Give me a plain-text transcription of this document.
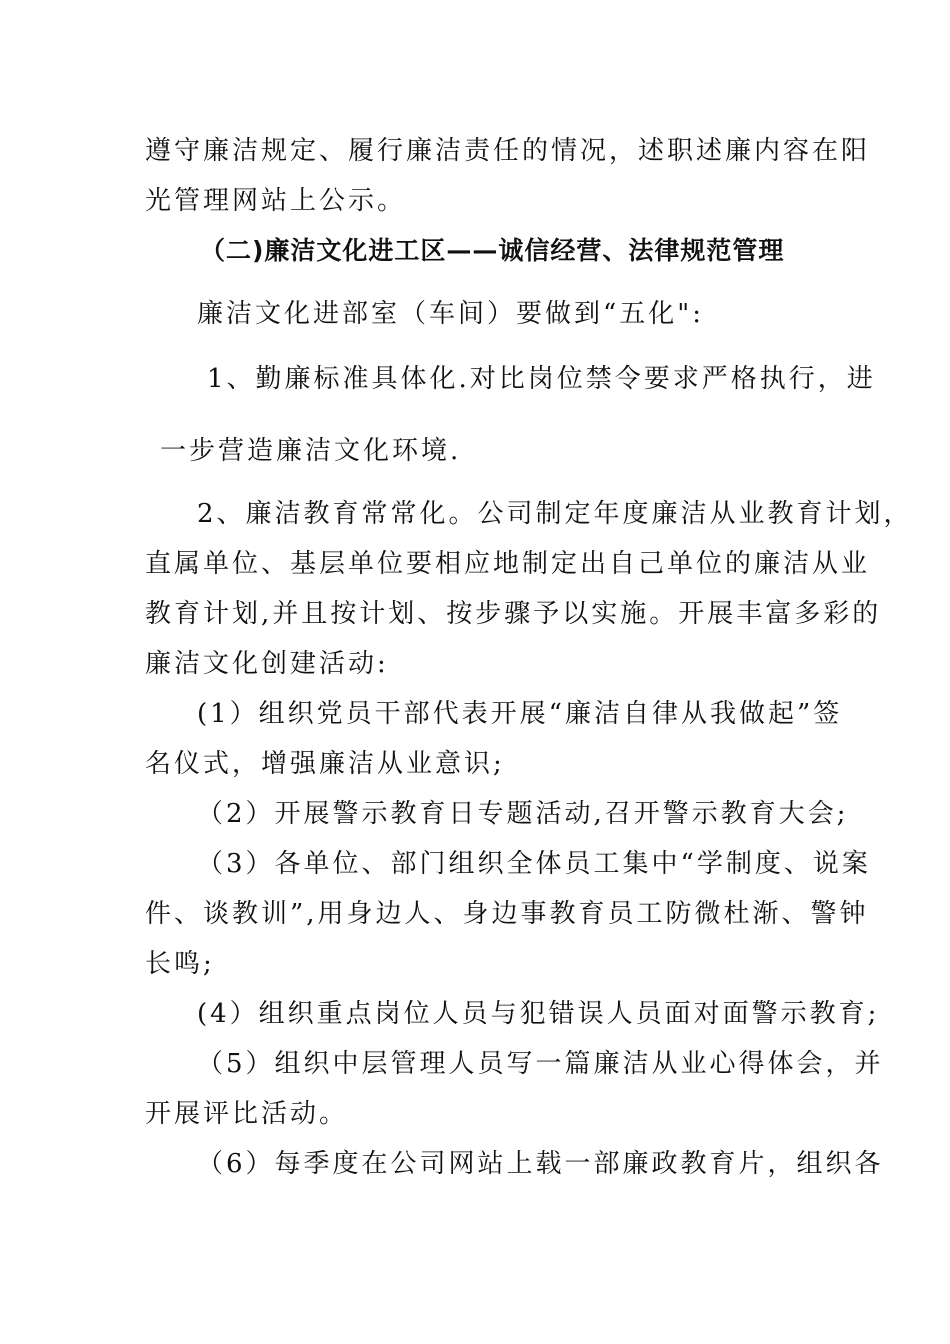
遵守廉洁规定、履行廉洁责任的情况，述职述廉内容在阳
光管理网站上公示。
（二)廉洁文化进工区——诚信经营、法律规范管理
廉洁文化进部室（车间）要做到“五化":
1、勤廉标准具体化.对比岗位禁令要求严格执行，进
一步营造廉洁文化环境.
2、廉洁教育常常化。公司制定年度廉洁从业教育计划，
直属单位、基层单位要相应地制定出自己单位的廉洁从业
教育计划,并且按计划、按步骤予以实施。开展丰富多彩的
廉洁文化创建活动:
(1）组织党员干部代表开展“廉洁自律从我做起”签
名仪式，增强廉洁从业意识;
（2）开展警示教育日专题活动,召开警示教育大会;
（3）各单位、部门组织全体员工集中“学制度、说案
件、谈教训”,用身边人、身边事教育员工防微杜渐、警钟
长鸣;
(4）组织重点岗位人员与犯错误人员面对面警示教育;
（5）组织中层管理人员写一篇廉洁从业心得体会，并
开展评比活动。
（6）每季度在公司网站上载一部廉政教育片，组织各
